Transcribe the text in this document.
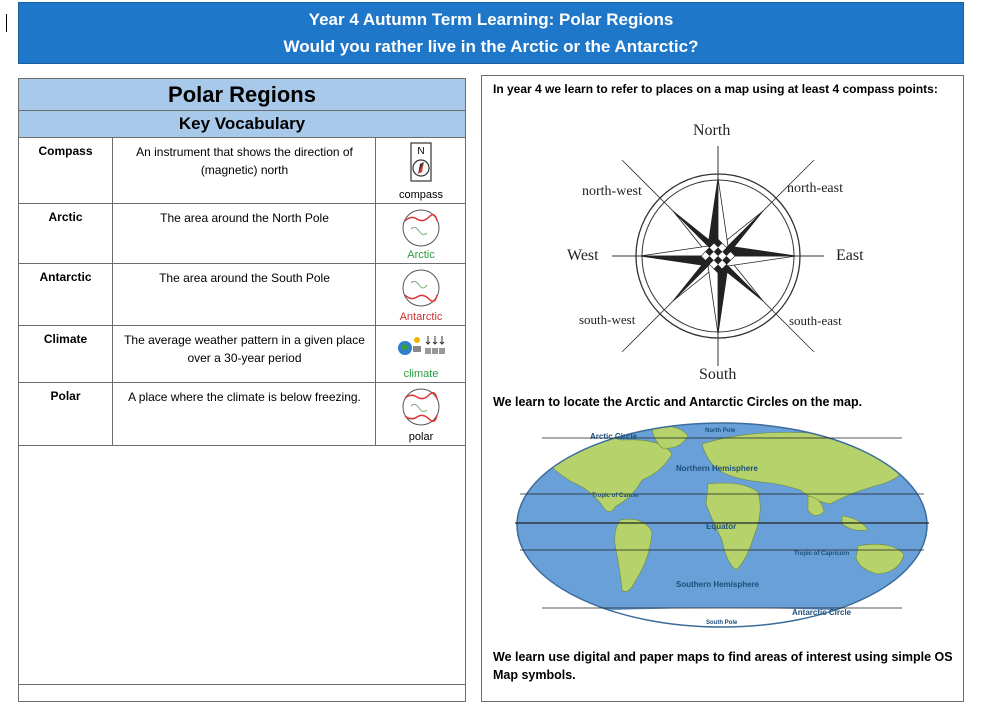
Year 4 Autumn Term Learning: Polar Regions
Would you rather live in the Arctic or the Antarctic?
Polar Regions
Key Vocabulary
Compass	An instrument that shows the direction of (magnetic) north
N
compass
Arctic	The area around the North Pole
Arctic
Antarctic	The area around the South Pole
Antarctic
Climate	The average weather pattern in a given place over a 30-year period
climate
Polar	A place where the climate is below freezing.
polar
In year 4 we learn to refer to places on a map using at least 4 compass points:
North
South
East
West
north-west	north-east
south-west	south-east
We learn to locate the Arctic and Antarctic Circles on the map.
Arctic Circle
North Pole
Northern Hemisphere
Tropic of Cancer
Equator
Tropic of Capricorn
Southern Hemisphere
Antarctic Circle
South Pole
We learn use digital and paper maps to find areas of interest using simple OS Map symbols.
